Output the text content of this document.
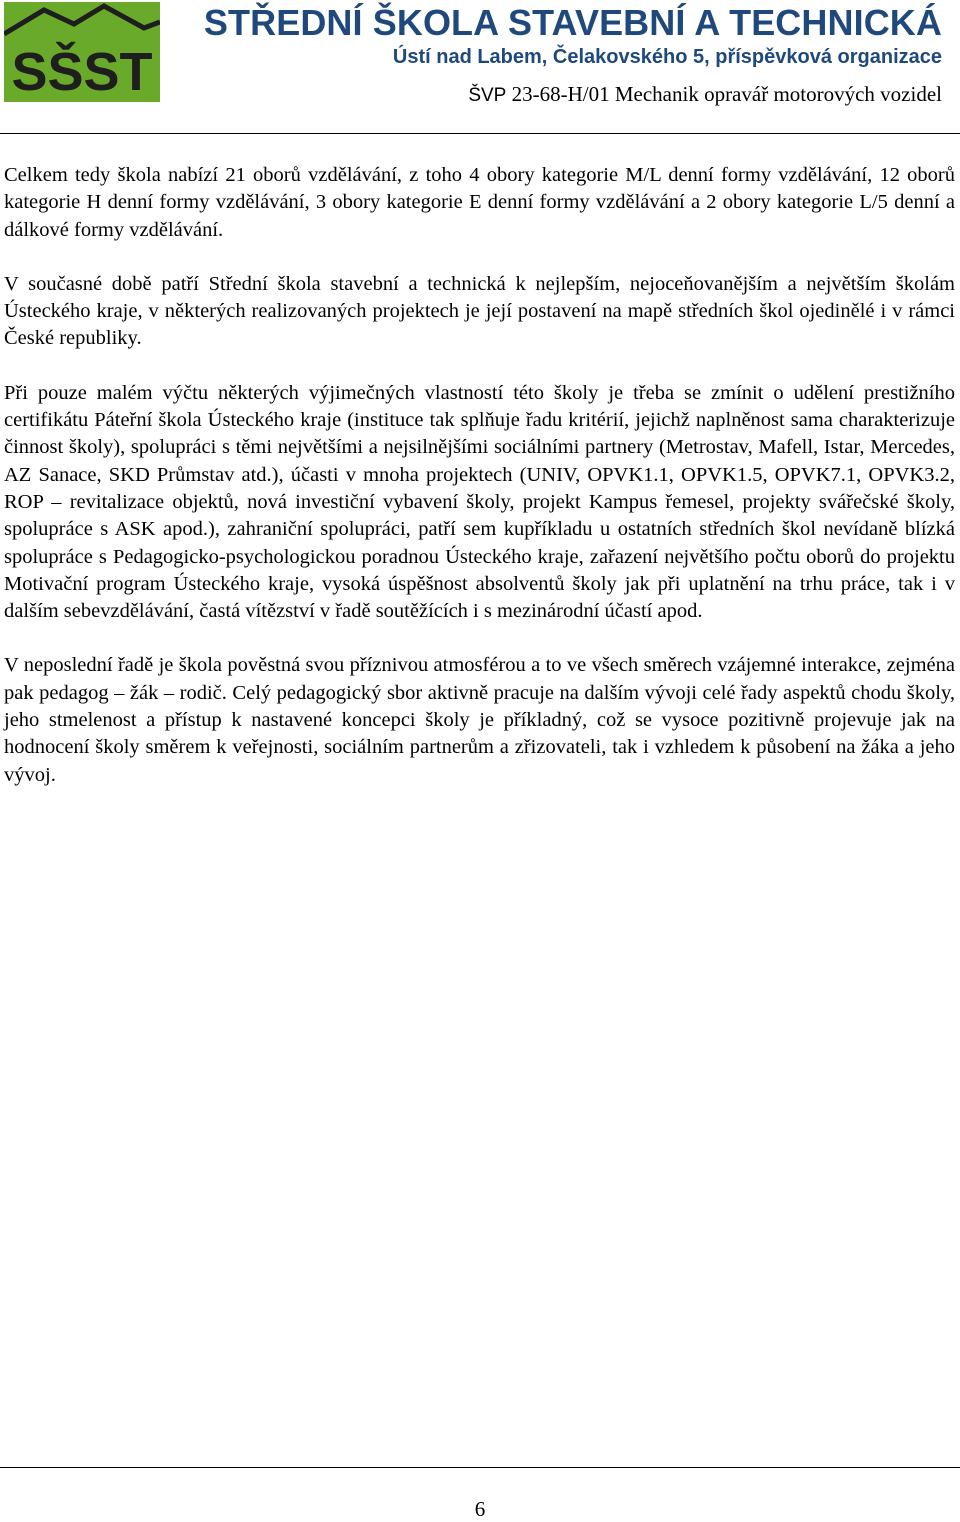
SŠST
STŘEDNÍ ŠKOLA STAVEBNÍ A TECHNICKÁ
Ústí nad Labem, Čelakovského 5, příspěvková organizace
ŠVP 23-68-H/01 Mechanik opravář motorových vozidel

Celkem tedy škola nabízí 21 oborů vzdělávání, z toho 4 obory kategorie M/L denní formy vzdělávání, 12 oborů kategorie H denní formy vzdělávání, 3 obory kategorie E denní formy vzdělávání a 2 obory kategorie L/5 denní a dálkové formy vzdělávání.

V současné době patří Střední škola stavební a technická k nejlepším, nejoceňovanějším a největším školám Ústeckého kraje, v některých realizovaných projektech je její postavení na mapě středních škol ojedinělé i v rámci České republiky.

Při pouze malém výčtu některých výjimečných vlastností této školy je třeba se zmínit o udělení prestižního certifikátu Páteřní škola Ústeckého kraje (instituce tak splňuje řadu kritérií, jejichž naplněnost sama charakterizuje činnost školy), spolupráci s těmi největšími a nejsilnějšími sociálními partnery (Metrostav, Mafell, Istar, Mercedes, AZ Sanace, SKD Průmstav atd.), účasti v mnoha projektech (UNIV, OPVK1.1, OPVK1.5, OPVK7.1, OPVK3.2, ROP – revitalizace objektů, nová investiční vybavení školy, projekt Kampus řemesel, projekty svářečské školy, spolupráce s ASK apod.), zahraniční spolupráci, patří sem kupříkladu u ostatních středních škol nevídaně blízká spolupráce s Pedagogicko-psychologickou poradnou Ústeckého kraje, zařazení největšího počtu oborů do projektu Motivační program Ústeckého kraje, vysoká úspěšnost absolventů školy jak při uplatnění na trhu práce, tak i v dalším sebevzdělávání, častá vítězství v řadě soutěžících i s mezinárodní účastí apod.

V neposlední řadě je škola pověstná svou příznivou atmosférou a to ve všech směrech vzájemné interakce, zejména pak pedagog – žák – rodič. Celý pedagogický sbor aktivně pracuje na dalším vývoji celé řady aspektů chodu školy, jeho stmelenost a přístup k nastavené koncepci školy je příkladný, což se vysoce pozitivně projevuje jak na hodnocení školy směrem k veřejnosti, sociálním partnerům a zřizovateli, tak i vzhledem k působení na žáka a jeho vývoj.

6
